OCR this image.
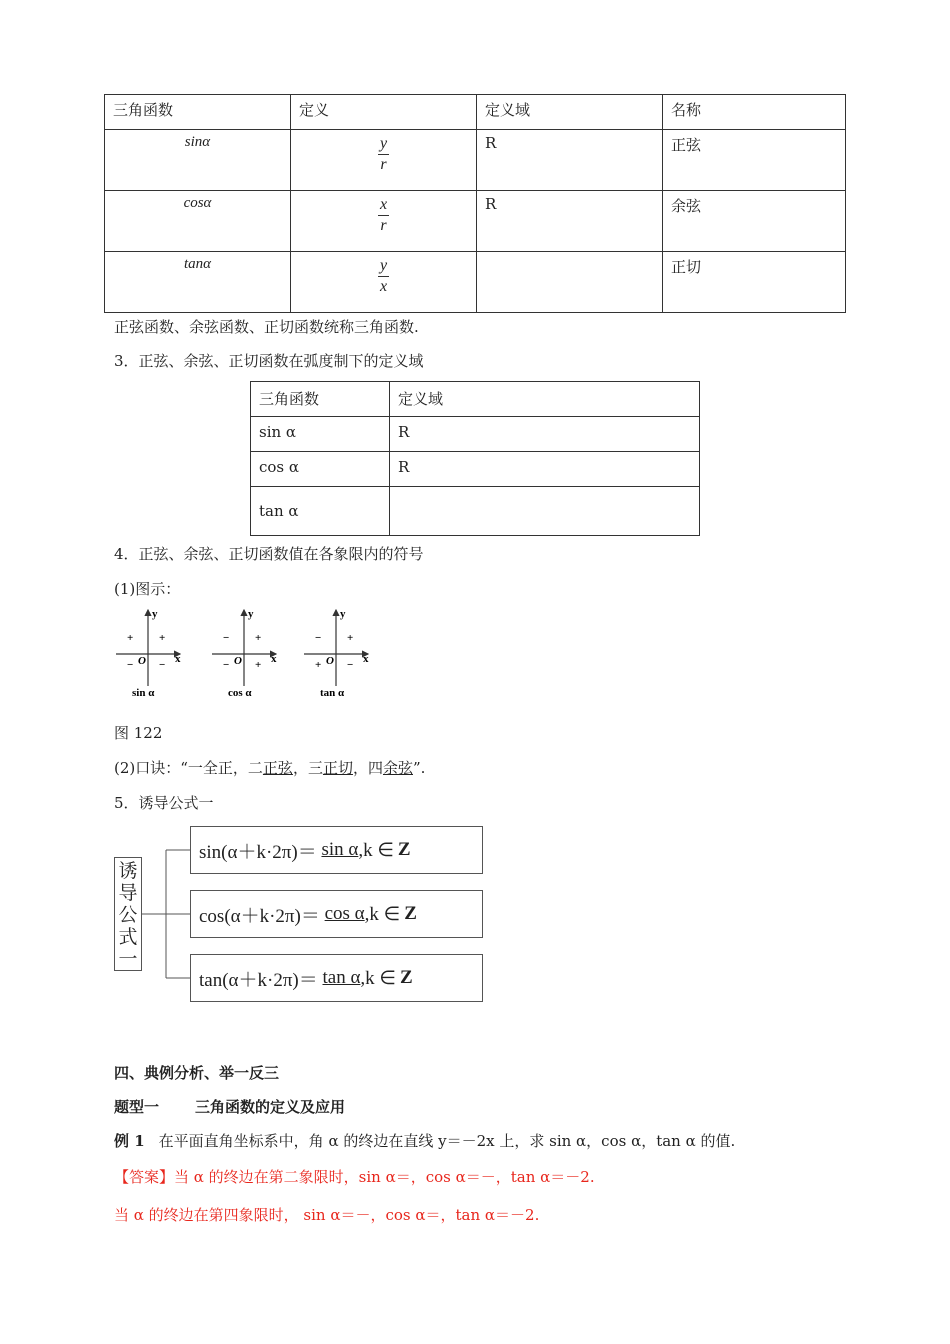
三角函数	定义	定义域	名称
sinα	$\frac{y}{r}$	R	正弦
cosα	$\frac{x}{r}$	R	余弦
tanα	$\frac{y}{x}$		正切
正弦函数、余弦函数、正切函数统称三角函数.
3．正弦、余弦、正切函数在弧度制下的定义域
三角函数	定义域
sin α	R
cos α	R
tan α	
4．正弦、余弦、正切函数值在各象限内的符号
(1)图示：
y
x
O
+
+
− −
sin α
y
x
O
+
−
− +
cos α
y
x
O
+
−
+ −
tan α
图 122
(2)口诀：“一全正，二正弦，三正切，四余弦”.
5．诱导公式一
诱
导
公
式
一
sin(α＋k·2π)＝
sin α ,k ∈ Z
cos(α＋k·2π)＝
cos α ,k ∈ Z
tan(α＋k·2π)＝
tan α ,k ∈ Z
四、典例分析、举一反三
题型一 三角函数的定义及应用
例 1 在平面直角坐标系中，角 α 的终边在直线 y＝－2x 上，求 sin α，cos α，tan α 的值.
【答案】当 α 的终边在第二象限时，sin α＝，cos α＝－，tan α＝－2.
当 α 的终边在第四象限时， sin α＝－，cos α＝，tan α＝－2.
